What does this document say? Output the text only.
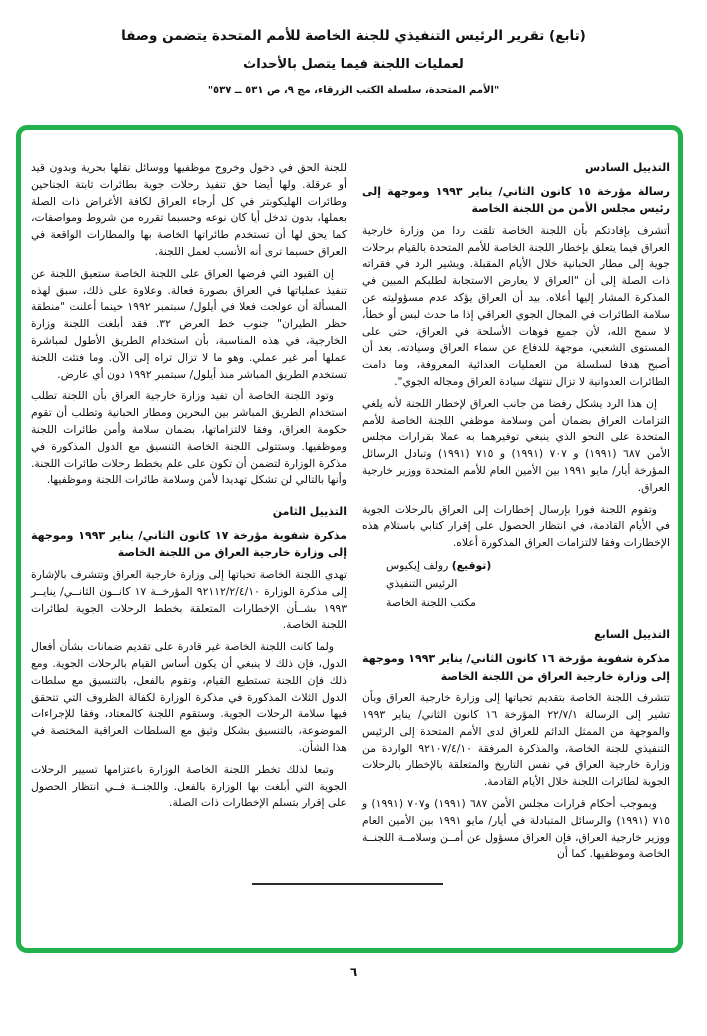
(تابع) تقرير الرئيس التنفيذي للجنة الخاصة للأمم المتحدة يتضمن وصفا
لعمليات اللجنة فيما يتصل بالأحداث
"الأمم المتحدة، سلسلة الكتب الزرقاء، مج ٩، ص ٥٣١ ــ ٥٣٧"
التذييل السادس
رسالة مؤرخة ١٥ كانون الثاني/ يناير ١٩٩٣ وموجهة إلى رئيس مجلس الأمن من اللجنة الخاصة

أتشرف بإفادتكم بأن اللجنة الخاصة تلقت ردا من وزارة خارجية العراق فيما يتعلق بإخطار اللجنة الخاصة للأمم المتحدة بالقيام برحلات جوية إلى مطار الحبانية خلال الأيام المقبلة. ويشير الرد في فقراته ذات الصلة إلى أن "العراق لا يعارض الاستجابة لطلبكم المبين في المذكرة المشار إليها أعلاه. بيد أن العراق يؤكد عدم مسؤوليته عن سلامة الطائرات في المجال الجوي العراقي إذا ما حدث لبس أو خطأ، لا سمح الله، لأن جميع فوهات الأسلحة في العراق، حتى على المستوى الشعبي، موجهة للدفاع عن سماء العراق وسيادته. بعد أن أصبح هدفا لسلسلة من العمليات العدائية المعروفة، وما دامت الطائرات العدوانية لا تزال تنتهك سيادة العراق ومجاله الجوي".

إن هذا الرد يشكل رفضا من جانب العراق لإخطار اللجنة لأنه يلغي التزامات العراق بضمان أمن وسلامة موظفي اللجنة الخاصة للأمم المتحدة على النحو الذي ينبغي توفيرهما به عملا بقرارات مجلس الأمن ٦٨٧ (١٩٩١) و ٧٠٧ (١٩٩١) و ٧١٥ (١٩٩١) وتبادل الرسائل المؤرخة أيار/ مايو ١٩٩١ بين الأمين العام للأمم المتحدة ووزير خارجية العراق.

وتقوم اللجنة فورا بإرسال إخطارات إلى العراق بالرحلات الجوية في الأيام القادمة، في انتظار الحصول على إقرار كتابي باستلام هذه الإخطارات وفقا لالتزامات العراق المذكورة أعلاه.

(توقيع) رولف إيكيوس
الرئيس التنفيذي
مكتب اللجنة الخاصة
التذييل السابع
مذكرة شفوية مؤرخة ١٦ كانون الثاني/ يناير ١٩٩٣ وموجهة إلى وزارة خارجية العراق من اللجنة الخاصة

تتشرف اللجنة الخاصة بتقديم تحياتها إلى وزارة خارجية العراق وبأن تشير إلى الرسالة ٢٢/٧/١ المؤرخة ١٦ كانون الثاني/ يناير ١٩٩٣ والموجهة من الممثل الدائم للعراق لدى الأمم المتحدة إلى الرئيس التنفيذي للجنة الخاصة، والمذكرة المرفقة ٩٢١٠٧/٤/١٠ الواردة من وزارة خارجية العراق في نفس التاريخ والمتعلقة بالإخطار بالرحلات الجوية لطائرات اللجنة خلال الأيام القادمة.

وبموجب أحكام قرارات مجلس الأمن ٦٨٧ (١٩٩١) و٧٠٧ (١٩٩١) و ٧١٥ (١٩٩١) والرسائل المتبادلة في أيار/ مايو ١٩٩١ بين الأمين العام ووزير خارجية العراق، فإن العراق مسؤول عن أمــن وسلامــة اللجنــة الخاصة وموظفيها. كما أن

للجنة الحق في دخول وخروج موظفيها ووسائل نقلها بحرية وبدون قيد أو عرقلة. ولها أيضا حق تنفيذ رحلات جوية بطائرات ثابتة الجناحين وطائرات الهليكوبتر في كل أرجاء العراق لكافة الأغراض ذات الصلة بعملها، بدون تدخل أيا كان نوعه وحسبما تقرره من شروط ومواصفات، كما يحق لها أن تستخدم طائراتها الخاصة بها والمطارات الواقعة في العراق حسبما ترى أنه الأنسب لعمل اللجنة.

إن القيود التي فرضها العراق على اللجنة الخاصة ستعيق اللجنة عن تنفيذ عملياتها في العراق بصورة فعالة. وعلاوة على ذلك، سبق لهذه المسألة أن عولجت فعلا في أيلول/ سبتمبر ١٩٩٢ حينما أعلنت "منطقة حظر الطيران" جنوب خط العرض ٣٢. فقد أبلغت اللجنة وزارة الخارجية، في هذه المناسبة، بأن استخدام الطريق الأطول لمباشرة عملها أمر غير عملي. وهو ما لا تزال تراه إلى الآن. وما فتئت اللجنة تستخدم الطريق المباشر منذ أيلول/ سبتمبر ١٩٩٢ دون أي عارض.

وتود اللجنة الخاصة أن تفيد وزارة خارجية العراق بأن اللجنة تطلب استخدام الطريق المباشر بين البحرين ومطار الحبانية وتطلب أن تقوم حكومة العراق، وفقا لالتزاماتها، بضمان سلامة وأمن طائرات اللجنة وموظفيها. وستتولى اللجنة الخاصة التنسيق مع الدول المذكورة في مذكرة الوزارة لتضمن أن تكون على علم بخطط رحلات طائرات اللجنة. وأنها بالتالي لن تشكل تهديدا لأمن وسلامة طائرات اللجنة وموظفيها.

التذييل الثامن
مذكرة شفوية مؤرخة ١٧ كانون الثاني/ يناير ١٩٩٣ وموجهة إلى وزارة خارجية العراق من اللجنة الخاصة

تهدي اللجنة الخاصة تحياتها إلى وزارة خارجية العراق وتتشرف بالإشارة إلى مذكرة الوزارة ٩٢١١٢/٢/٤/١٠ المؤرخــة ١٧ كانــون الثانــي/ ينايــر ١٩٩٣ بشــأن الإخطارات المتعلقة بخطط الرحلات الجوية لطائرات اللجنة الخاصة.

ولما كانت اللجنة الخاصة غير قادرة على تقديم ضمانات بشأن أفعال الدول، فإن ذلك لا ينبغي أن يكون أساس القيام بالرحلات الجوية. ومع ذلك فإن اللجنة تستطيع القيام، وتقوم بالفعل، بالتنسيق مع سلطات الدول الثلاث المذكورة في مذكرة الوزارة لكفالة الظروف التي تتحقق فيها سلامة الرحلات الجوية. وستقوم اللجنة كالمعتاد، وفقا للإجراءات الموضوعة، بالتنسيق بشكل وثيق مع السلطات العراقية المختصة في هذا الشأن.

وتبعا لذلك تخطر اللجنة الخاصة الوزارة باعتزامها تسيير الرحلات الجوية التي أبلغت بها الوزارة بالفعل. واللجنــة فــي انتظار الحصول على إقرار بتسلم الإخطارات ذات الصلة.

٦
